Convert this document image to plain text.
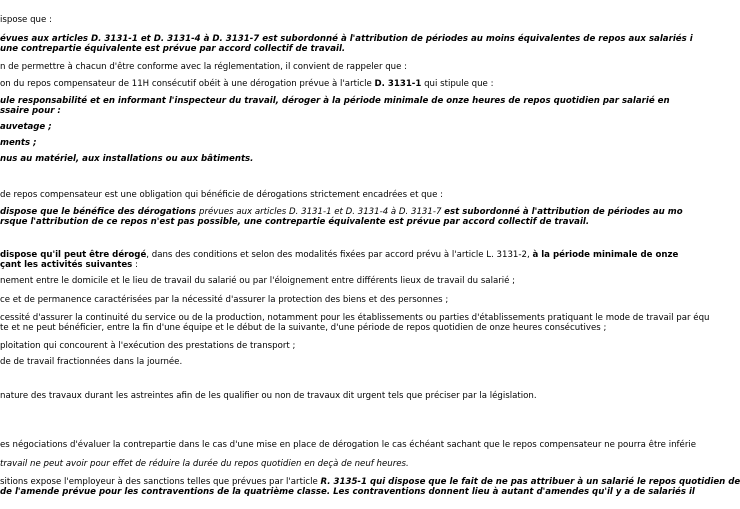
ispose que :

évues aux articles D. 3131-1 et D. 3131-4 à D. 3131-7 est subordonné à l'attribution de périodes au moins équivalentes de repos aux salariés i

une contrepartie équivalente est prévue par accord collectif de travail.

n de permettre à chacun d'être conforme avec la réglementation, il convient de rappeler que :

on du repos compensateur de 11H consécutif obéit à une dérogation prévue à l'article D. 3131-1 qui stipule que :

ule responsabilité et en informant l'inspecteur du travail, déroger à la période minimale de onze heures de repos quotidien par salarié en

ssaire pour :

auvetage ;

ments ;

nus au matériel, aux installations ou aux bâtiments.

de repos compensateur est une obligation qui bénéficie de dérogations strictement encadrées et que :

dispose que le bénéfice des dérogations prévues aux articles D. 3131-1 et D. 3131-4 à D. 3131-7 est subordonné à l'attribution de périodes au mo

rsque l'attribution de ce repos n'est pas possible, une contrepartie équivalente est prévue par accord collectif de travail.

dispose qu'il peut être dérogé, dans des conditions et selon des modalités fixées par accord prévu à l'article L. 3131-2, à la période minimale de onze

çant les activités suivantes :

nement entre le domicile et le lieu de travail du salarié ou par l'éloignement entre différents lieux de travail du salarié ;

ce et de permanence caractérisées par la nécessité d'assurer la protection des biens et des personnes ;

cessité d'assurer la continuité du service ou de la production, notamment pour les établissements ou parties d'établissements pratiquant le mode de travail par équ

te et ne peut bénéficier, entre la fin d'une équipe et le début de la suivante, d'une période de repos quotidien de onze heures consécutives ;

ploitation qui concourent à l'exécution des prestations de transport ;

de de travail fractionnées dans la journée.

nature des travaux durant les astreintes afin de les qualifier ou non de travaux dit urgent tels que préciser par la législation.

es négociations d'évaluer la contrepartie dans le cas d'une mise en place de dérogation le cas échéant sachant que le repos compensateur ne pourra être inférie

travail ne peut avoir pour effet de réduire la durée du repos quotidien en deçà de neuf heures.

sitions expose l'employeur à des sanctions telles que prévues par l'article R. 3135-1 qui dispose que le fait de ne pas attribuer à un salarié le repos quotidien de

de l'amende prévue pour les contraventions de la quatrième classe. Les contraventions donnent lieu à autant d'amendes qu'il y a de salariés il
